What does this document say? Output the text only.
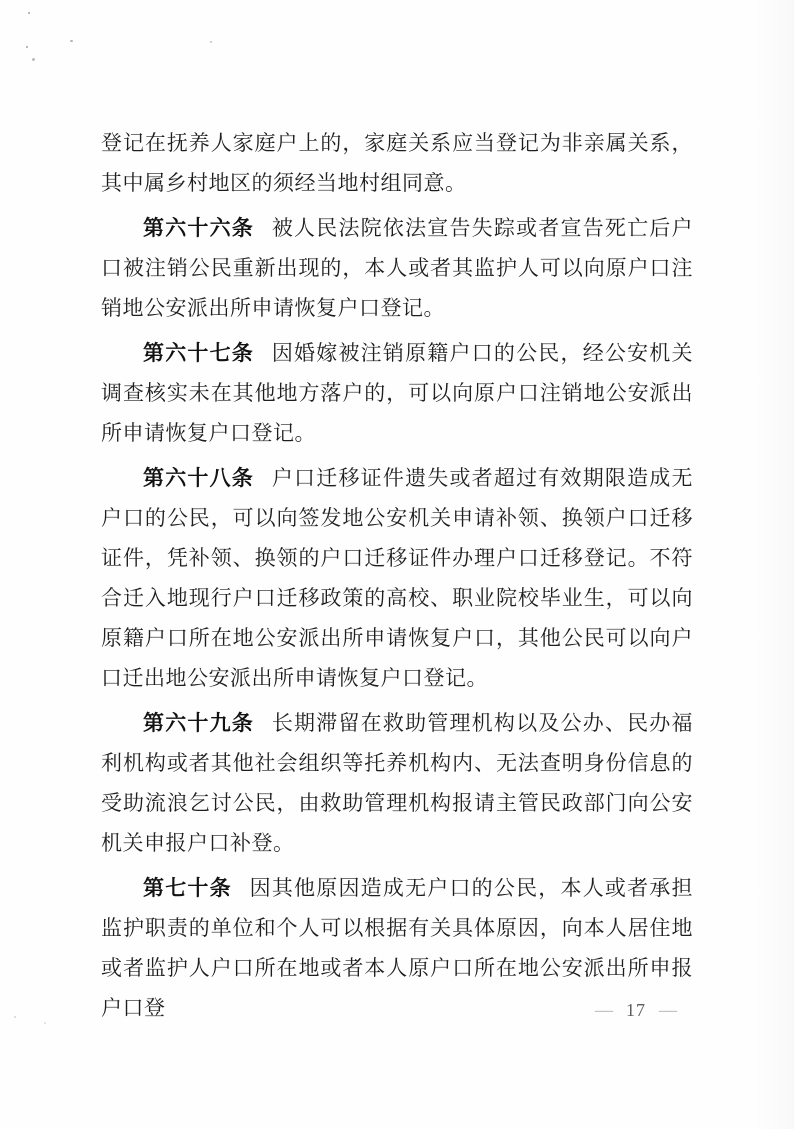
登记在抚养人家庭户上的，家庭关系应当登记为非亲属关系，其中属乡村地区的须经当地村组同意。

第六十六条 被人民法院依法宣告失踪或者宣告死亡后户口被注销公民重新出现的，本人或者其监护人可以向原户口注销地公安派出所申请恢复户口登记。

第六十七条 因婚嫁被注销原籍户口的公民，经公安机关调查核实未在其他地方落户的，可以向原户口注销地公安派出所申请恢复户口登记。

第六十八条 户口迁移证件遗失或者超过有效期限造成无户口的公民，可以向签发地公安机关申请补领、换领户口迁移证件，凭补领、换领的户口迁移证件办理户口迁移登记。不符合迁入地现行户口迁移政策的高校、职业院校毕业生，可以向原籍户口所在地公安派出所申请恢复户口，其他公民可以向户口迁出地公安派出所申请恢复户口登记。

第六十九条 长期滞留在救助管理机构以及公办、民办福利机构或者其他社会组织等托养机构内、无法查明身份信息的受助流浪乞讨公民，由救助管理机构报请主管民政部门向公安机关申报户口补登。

第七十条 因其他原因造成无户口的公民，本人或者承担监护职责的单位和个人可以根据有关具体原因，向本人居住地或者监护人户口所在地或者本人原户口所在地公安派出所申报户口登	— 17 —
